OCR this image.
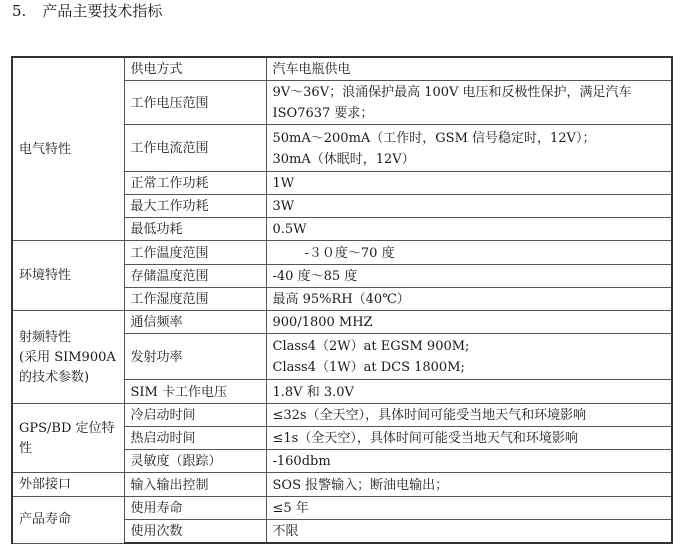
5. 产品主要技术指标
电气特性	供电方式	汽车电瓶供电

	工作电压范围	9V～36V；浪涌保护最高 100V 电压和反极性保护，满足汽车
ISO7637 要求；

	工作电流范围	50mA～200mA（工作时，GSM 信号稳定时，12V）；
30mA（休眠时，12V）

	正常工作功耗	1W

	最大工作功耗	3W

	最低功耗	0.5W

环境特性	工作温度范围	-３０度～70 度

	存储温度范围	-40 度～85 度

	工作湿度范围	最高 95%RH（40℃）

射频特性
(采用 SIM900A
的技术参数)	通信频率	900/1800 MHZ

	发射功率	Class4（2W）at EGSM 900M;
Class4（1W）at DCS 1800M;

	SIM 卡工作电压	1.8V 和 3.0V

GPS/BD 定位特
性	冷启动时间	≤32s（全天空），具体时间可能受当地天气和环境影响

	热启动时间	≤1s（全天空），具体时间可能受当地天气和环境影响

	灵敏度（跟踪）	-160dbm

外部接口	输入输出控制	SOS 报警输入；断油电输出；

产品寿命	使用寿命	≤5 年

	使用次数	不限
